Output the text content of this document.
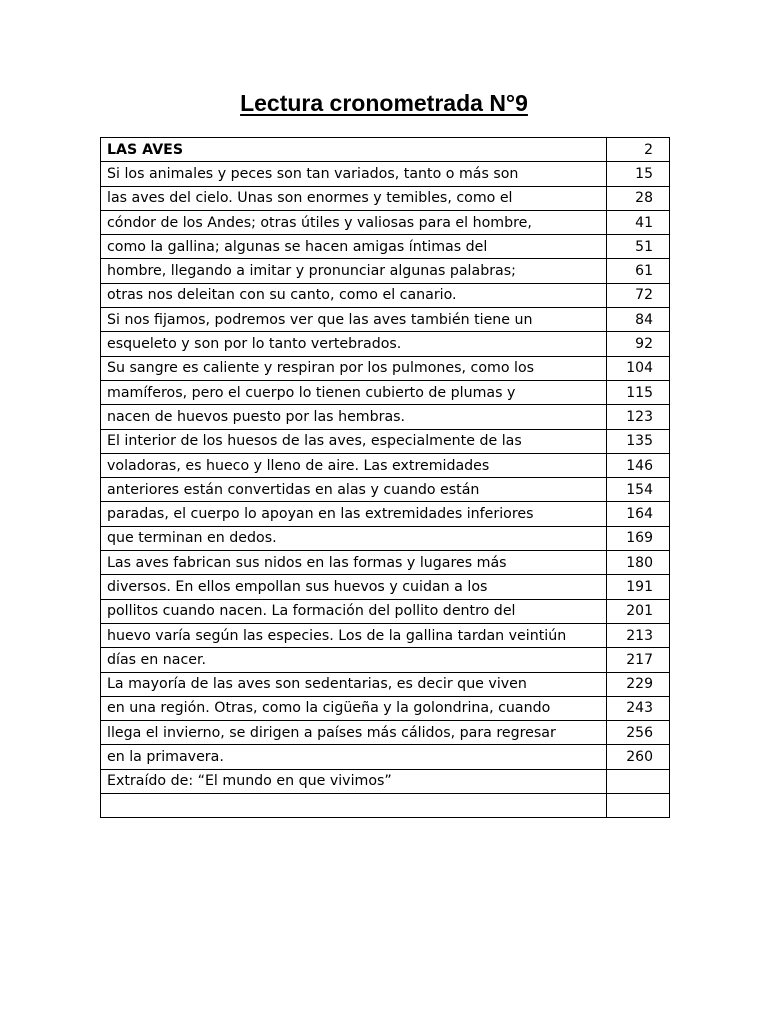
Lectura cronometrada N°9
LAS AVES	2
Si los animales y peces son tan variados, tanto o más son	15
las aves del cielo. Unas son enormes y temibles, como el	28
cóndor de los Andes; otras útiles y valiosas para el hombre,	41
como la gallina; algunas se hacen amigas íntimas del	51
hombre, llegando a imitar y pronunciar algunas palabras;	61
otras nos deleitan con su canto, como el canario.	72
Si nos fijamos, podremos ver que las aves también tiene un	84
esqueleto y son por lo tanto vertebrados.	92
Su sangre es caliente y respiran por los pulmones, como los	104
mamíferos, pero el cuerpo lo tienen cubierto de plumas y	115
nacen de huevos puesto por las hembras.	123
El interior de los huesos de las aves, especialmente de las	135
voladoras, es hueco y lleno de aire. Las extremidades	146
anteriores están convertidas en alas y cuando están	154
paradas, el cuerpo lo apoyan en las extremidades inferiores	164
que terminan en dedos.	169
Las aves fabrican sus nidos en las formas y lugares más	180
diversos. En ellos empollan sus huevos y cuidan a los	191
pollitos cuando nacen. La formación del pollito dentro del	201
huevo varía según las especies. Los de la gallina tardan veintiún	213
días en nacer.	217
La mayoría de las aves son sedentarias, es decir que viven	229
en una región. Otras, como la cigüeña y la golondrina, cuando	243
llega el invierno, se dirigen a países más cálidos, para regresar	256
en la primavera.	260
Extraído de: “El mundo en que vivimos”	
